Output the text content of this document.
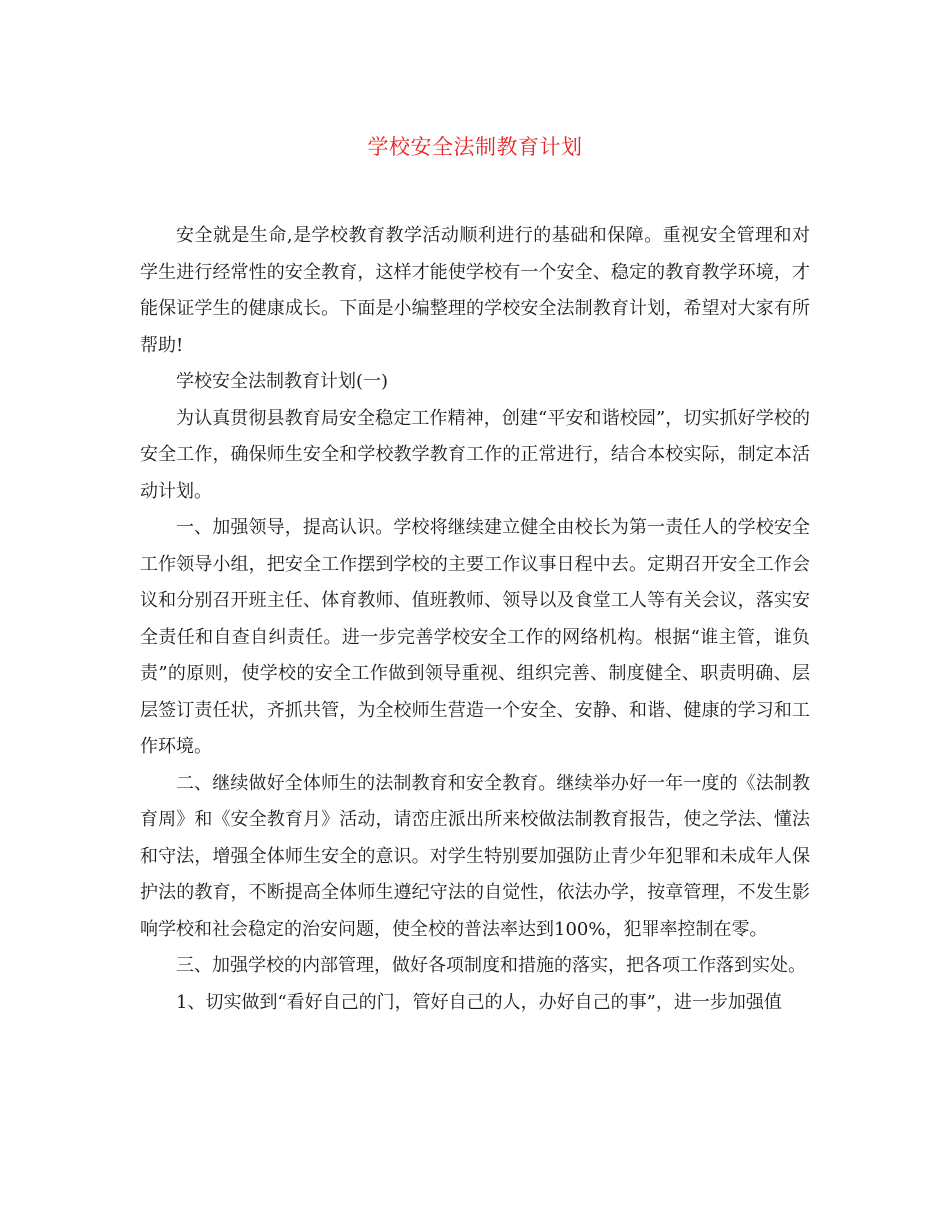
学校安全法制教育计划

安全就是生命,是学校教育教学活动顺利进行的基础和保障。重视安全管理和对学生进行经常性的安全教育，这样才能使学校有一个安全、稳定的教育教学环境，才能保证学生的健康成长。下面是小编整理的学校安全法制教育计划，希望对大家有所帮助!

学校安全法制教育计划(一)

为认真贯彻县教育局安全稳定工作精神，创建“平安和谐校园”，切实抓好学校的安全工作，确保师生安全和学校教学教育工作的正常进行，结合本校实际，制定本活动计划。

一、加强领导，提高认识。学校将继续建立健全由校长为第一责任人的学校安全工作领导小组，把安全工作摆到学校的主要工作议事日程中去。定期召开安全工作会议和分别召开班主任、体育教师、值班教师、领导以及食堂工人等有关会议，落实安全责任和自查自纠责任。进一步完善学校安全工作的网络机构。根据“谁主管，谁负责”的原则，使学校的安全工作做到领导重视、组织完善、制度健全、职责明确、层层签订责任状，齐抓共管，为全校师生营造一个安全、安静、和谐、健康的学习和工作环境。

二、继续做好全体师生的法制教育和安全教育。继续举办好一年一度的《法制教育周》和《安全教育月》活动，请峦庄派出所来校做法制教育报告，使之学法、懂法和守法，增强全体师生安全的意识。对学生特别要加强防止青少年犯罪和未成年人保护法的教育，不断提高全体师生遵纪守法的自觉性，依法办学，按章管理，不发生影响学校和社会稳定的治安问题，使全校的普法率达到100%，犯罪率控制在零。

三、加强学校的内部管理，做好各项制度和措施的落实，把各项工作落到实处。

1、切实做到“看好自己的门，管好自己的人，办好自己的事”，进一步加强值
